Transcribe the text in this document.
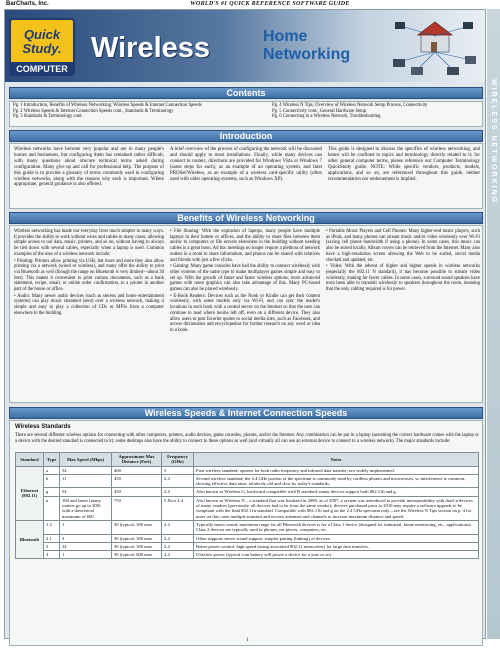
BarCharts, Inc.	WORLD'S #1 QUICK REFERENCE SOFTWARE GUIDE
WIRELESS NETWORKING
Quick
Study.
COMPUTER
Wireless	Home
Networking
Contents
Pg. 1 Introduction, Benefits of Wireless Networking, Wireless Speeds & Internet Connection Speeds
Pg. 2 Wireless Speeds & Internet Connection Speeds cont., Standards & Terminology
Pg. 3 Standards & Terminology cont.
Pg. 4 Wireless N Tips, Overview of Wireless Network Setup Process, Connectivity
Pg. 5 Connectivity cont., General Hardware Setup
Pg. 6 Connecting to a Wireless Network, Troubleshooting
Introduction
Wireless networks have become very popular and are in many people's homes and businesses, but configuring them has remained rather difficult, with many questions about obscure technical terms asked during configuration. Many give up and call for professional help. The purpose of this guide is to provide a glossary of terms commonly used in configuring wireless networks, along with the reasons why each is important. Where appropriate, general guidance is also offered.
A brief overview of the process of configuring the network will be discussed and should apply to most installations. Finally, while many devices can connect to routers, directions are provided for Windows Vista or Windows 7 (same steps for each), as an example of an operating system, and Intel PROSet/Wireless, as an example of a wireless card-specific utility (often used with older operating systems, such as Windows XP).
This guide is designed to discuss the specifics of wireless networking, and hence will be confined to topics and terminology directly related to it; for other general computer terms, please reference our Computer Terminology QuickStudy guide. NOTE: While specific vendors, products, models, applications, and so on, are referenced throughout this guide, neither recommendation nor endorsement is implied.
Benefits of Wireless Networking

Wireless networking has made our everyday lives much simpler in many ways. It provides the ability to work without wires and cables in many cases, allowing simple access to our data, music, printers, and so on, without having to always be tied down with several cables, especially when a laptop is used. Common examples of the uses of a wireless network include:

• Printing: Printers allow printing via USB, but more and more they also allow printing via a network (wired or wireless), and many offer the ability to print via Bluetooth as well (though the range on Bluetooth is very limited—about 30 feet). This makes it convenient to print various documents, such as a bank statement, recipe, email, or online order confirmation, to a printer in another part of the house or office.

• Audio: Many newer audio devices (such as stereos and home entertainment systems) can play music streamed (sent) over a wireless network, making it simple and easy to play a collection of CDs or MP3s from a computer elsewhere in the building.

• File Sharing: With the explosion of laptops, many people have multiple laptops in their homes or offices, and the ability to share files between them and/or to computers or file servers elsewhere in the building without needing cables is a great boon. Ad hoc meetings no longer require a plethora of network outlets in a room to share information, and photos can be shared with relatives and friends with just a few clicks.

• Gaming: Many game consoles have had the ability to connect wirelessly with other systems of the same type to make multiplayer games simple and easy to set up. With the growth of faster and faster wireless options, more advanced games with more graphics can also take advantage of this. Many PC-based games can also be played wirelessly.

• E-Book Readers: Devices such as the Nook or Kindle can get their content wirelessly, with some models only via Wi-Fi, and can sync the reader's locations in each book with a central server on the Internet so that the user can continue to read where he/she left off, even on a different device. They also allow users to post favorite quotes to social media sites, such as Facebook, and access dictionaries and encyclopedias for further research on any word or idea in a book.

• Portable Music Players and Cell Phones: Many higher-end music players, such as iPods, and many phones can stream music and/or video wirelessly over Wi-Fi (saving cell phone bandwidth if using a phone). In some cases, this music can also be stored locally. Album covers can be retrieved from the Internet. Many also have a high-resolution screen allowing the Web to be surfed, social media checked and updated, etc.

• Video: With the advent of higher and higher speeds in wireless networks (especially the 802.11 N standard), it has become possible to stream video wirelessly, making for fewer cables. In some cases, surround sound speakers have even been able to transmit wirelessly to speakers throughout the room, meaning that the only cabling required is for power.

Wireless Speeds & Internet Connection Speeds
Wireless Standards
There are several different wireless options for connecting with other computers, printers, audio devices, game consoles, phones, and/or the Internet. Any combination can be put in a laptop (assuming the correct hardware comes with the laptop or a device with the desired standard is connected to it); some desktops also have the ability to connect to these options as well (and virtually all can use an external device to connect to a wireless network). The major standards include:
Standard	Type	Max Speed (Mbps)	Approximate Max Distance (Feet)	Frequency (GHz)	Notes
Ethernet (802.11)	a	54	400	5	First wireless standard; options for both radio frequency and infrared data transfer; not widely implemented.
	b	11	450	2.4	Second wireless standard; the 2.4 GHz portion of the spectrum is commonly used by cordless phones and microwaves, so interference is common, slowing effective data rates; relatively old and slow by today's standards.
	g	54	450	2.4	Also known as Wireless G; backward compatible with B standard; many devices support both 802.11b and g.
	n	100 and faster (many routers go up to 300) with a theoretical maximum of 600	750	5 &/or 2.4	Also known as Wireless N – a standard that was finalized in 2009; as of 2007, a system was introduced to provide interoperability with draft-n devices of many vendors (previously, all devices had to be from the same vendor); devices purchased prior to 2010 may require a software upgrade to be compliant with the final 802.11n standard. Compatible with 802.11b and g on the 2.4 GHz spectrum only—see the Wireless N Tips section on p. 4 for more on this; uses multiple transmit and receive antennae and channels to increase maximum distance and speed.
Bluetooth	1.2	1	30 (typical; 300 max	2.4	Typically mono sound; maximum range for all Bluetooth devices is for a Class 1 device (designed for industrial, home monitoring, etc., applications); Class 2 devices are typically used in phones, ear pieces, computers, etc.
	2.1	3	30 (typical; 300 max	2.4	Often supports stereo sound support, simpler pairing (linking) of devices.
	3	24	30 (typical; 300 max	2.4	Better power control; high speed (using associated 802.11 transceiver) for large data transfers.
	4	1	30 (typical; 600 max	2.4	Ultralow power (typical coin battery will power a device for a year or so).
1
